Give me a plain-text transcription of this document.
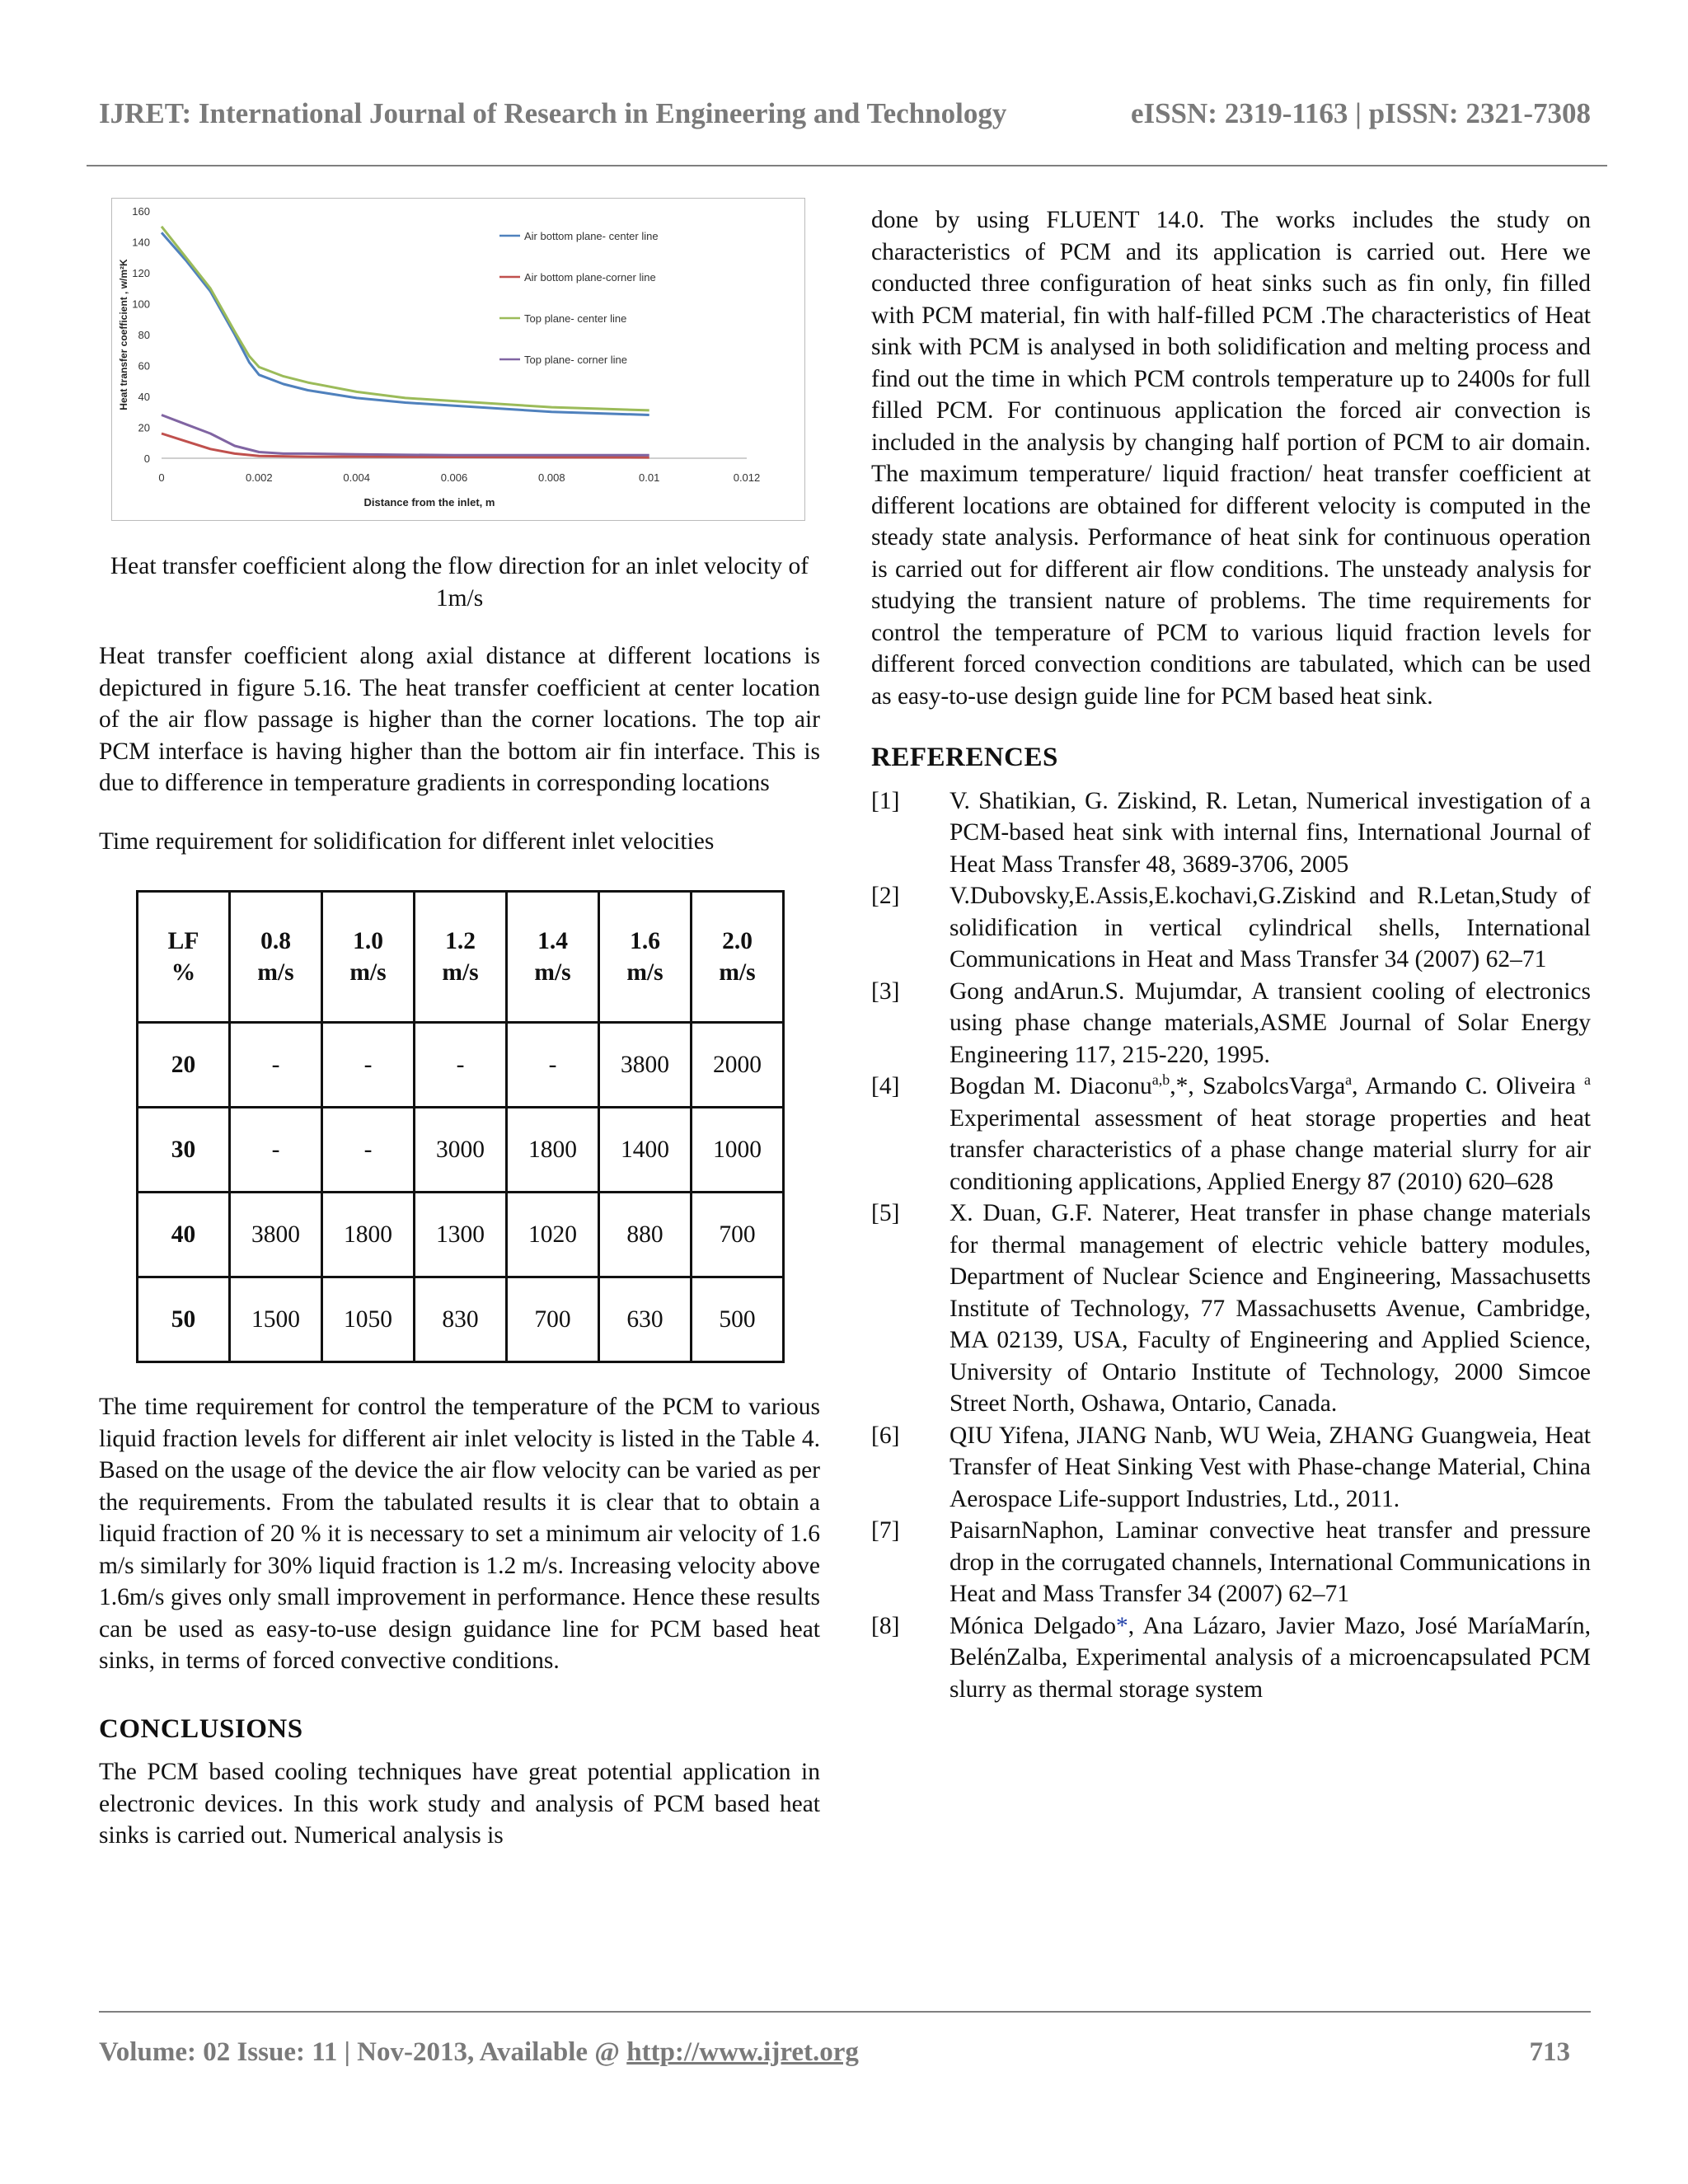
IJRET: International Journal of Research in Engineering and Technology	eISSN: 2319-1163 | pISSN: 2321-7308
0
20
40
60
80
100
120
140
160
0	0.002	0.004	0.006	0.008	0.01	0.012
Distance from the inlet, m
Heat transfer coefficient , w/m²K
Air bottom plane- center line
Air bottom plane-corner line
Top plane- center line
Top plane- corner line

Heat transfer coefficient along the flow direction for an inlet velocity of 1m/s

Heat transfer coefficient along axial distance at different locations is depictured in figure 5.16. The heat transfer coefficient at center location of the air flow passage is higher than the corner locations. The top air PCM interface is having higher than the bottom air fin interface. This is due to difference in temperature gradients in corresponding locations

Time requirement for solidification for different inlet velocities

LF %	0.8 m/s	1.0 m/s	1.2 m/s	1.4 m/s	1.6 m/s	2.0 m/s
20	-	-	-	-	3800	2000
30	-	-	3000	1800	1400	1000
40	3800	1800	1300	1020	880	700
50	1500	1050	830	700	630	500

The time requirement for control the temperature of the PCM to various liquid fraction levels for different air inlet velocity is listed in the Table 4. Based on the usage of the device the air flow velocity can be varied as per the requirements. From the tabulated results it is clear that to obtain a liquid fraction of 20 % it is necessary to set a minimum air velocity of 1.6 m/s similarly for 30% liquid fraction is 1.2 m/s. Increasing velocity above 1.6m/s gives only small improvement in performance. Hence these results can be used as easy-to-use design guidance line for PCM based heat sinks, in terms of forced convective conditions.

CONCLUSIONS

The PCM based cooling techniques have great potential application in electronic devices. In this work study and analysis of PCM based heat sinks is carried out. Numerical analysis is

done by using FLUENT 14.0. The works includes the study on characteristics of PCM and its application is carried out. Here we conducted three configuration of heat sinks such as fin only, fin filled with PCM material, fin with half-filled PCM .The characteristics of Heat sink with PCM is analysed in both solidification and melting process and find out the time in which PCM controls temperature up to 2400s for full filled PCM. For continuous application the forced air convection is included in the analysis by changing half portion of PCM to air domain. The maximum temperature/ liquid fraction/ heat transfer coefficient at different locations are obtained for different velocity is computed in the steady state analysis. Performance of heat sink for continuous operation is carried out for different air flow conditions. The unsteady analysis for studying the transient nature of problems. The time requirements for control the temperature of PCM to various liquid fraction levels for different forced convection conditions are tabulated, which can be used as easy-to-use design guide line for PCM based heat sink.

REFERENCES
[1]	V. Shatikian, G. Ziskind, R. Letan, Numerical investigation of a PCM-based heat sink with internal fins, International Journal of Heat Mass Transfer 48, 3689-3706, 2005
[2]	V.Dubovsky,E.Assis,E.kochavi,G.Ziskind and R.Letan,Study of solidification in vertical cylindrical shells, International Communications in Heat and Mass Transfer 34 (2007) 62–71
[3]	Gong andArun.S. Mujumdar, A transient cooling of electronics using phase change materials,ASME Journal of Solar Energy Engineering 117, 215-220, 1995.
[4]	Bogdan M. Diaconu$^{a,b}$,*, SzabolcsVarga$^a$, Armando C. Oliveira $^a$ Experimental assessment of heat storage properties and heat transfer characteristics of a phase change material slurry for air conditioning applications, Applied Energy 87 (2010) 620–628
[5]	X. Duan, G.F. Naterer, Heat transfer in phase change materials for thermal management of electric vehicle battery modules, Department of Nuclear Science and Engineering, Massachusetts Institute of Technology, 77 Massachusetts Avenue, Cambridge, MA 02139, USA, Faculty of Engineering and Applied Science, University of Ontario Institute of Technology, 2000 Simcoe Street North, Oshawa, Ontario, Canada.
[6]	QIU Yifena, JIANG Nanb, WU Weia, ZHANG Guangweia, Heat Transfer of Heat Sinking Vest with Phase-change Material, China Aerospace Life-support Industries, Ltd., 2011.
[7]	PaisarnNaphon, Laminar convective heat transfer and pressure drop in the corrugated channels, International Communications in Heat and Mass Transfer 34 (2007) 62–71
[8]	Mónica Delgado*, Ana Lázaro, Javier Mazo, José MaríaMarín, BelénZalba, Experimental analysis of a microencapsulated PCM slurry as thermal storage system
Volume: 02 Issue: 11 | Nov-2013, Available @ http://www.ijret.org	713
